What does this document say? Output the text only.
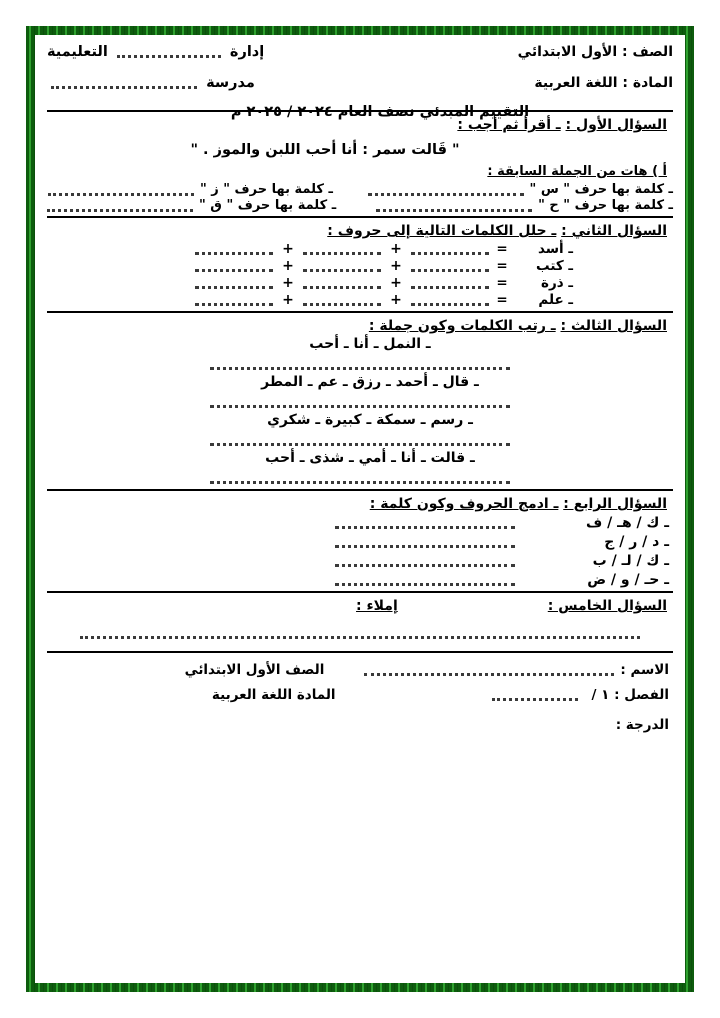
الصف : الأول الابتدائي
إدارة  التعليمية
المادة : اللغة العربية
مدرسة
التقييم المبدئي نصف العام ٢٠٢٤ / ٢٠٢٥ م
السؤال الأول : ـ أقرأ ثم أجب :
" قَالت سمر : أنا أحب اللبن والموز . "
أ ) هات من الجملة السابقة :
ـ كلمة بها حرف " س "
ـ كلمة بها حرف " ز "
ـ كلمة بها حرف " ح "
ـ كلمة بها حرف " ق "
السؤال الثاني : ـ حلل الكلمات التالية إلى حروف :
ـ أسد
=
+
+
ـ كتب
=
+
+
ـ ذرة
=
+
+
ـ علم
=
+
+
السؤال الثالث : ـ رتب الكلمات وكون جملة :
ـ النمل ـ أنا ـ أحب
ـ قال ـ أحمد ـ رزق ـ عم ـ المطر
ـ رسم ـ سمكة ـ كبيرة ـ شكري
ـ قالت ـ أنا ـ أمي ـ شذى ـ أحب
السؤال الرابع : ـ ادمج الحروف وكون كلمة :
ـ ك / هـ / ف
ـ د / ر / ج
ـ ك / لـ / ب
ـ حـ / و / ض
السؤال الخامس :
إملاء :
الاسم :
الصف الأول الابتدائي
الفصل : ١ /
المادة اللغة العربية
الدرجة :
